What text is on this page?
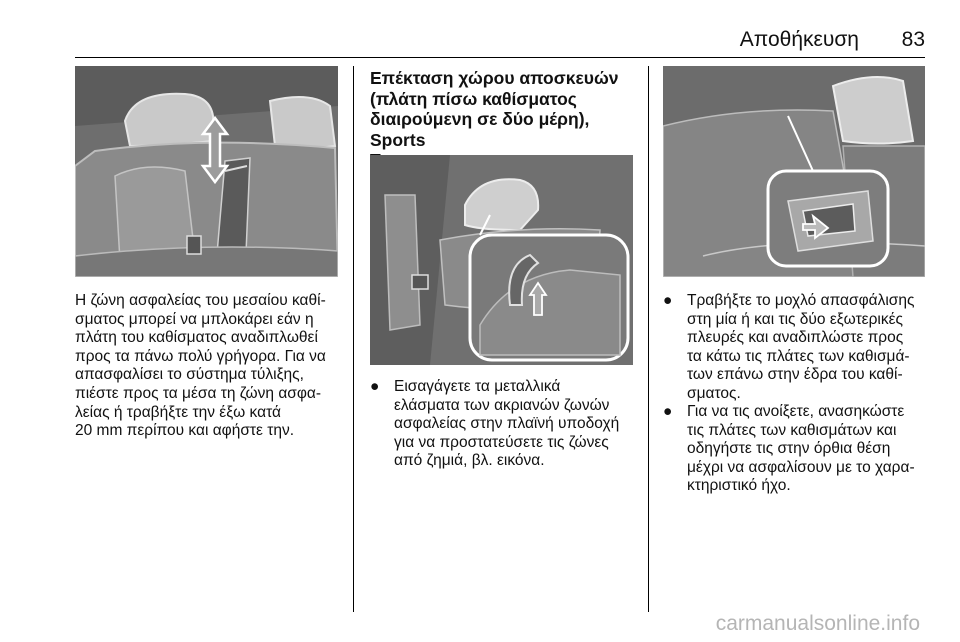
Αποθήκευση 83
Η ζώνη ασφαλείας του μεσαίου καθί‐
σματος μπορεί να μπλοκάρει εάν η
πλάτη του καθίσματος αναδιπλωθεί
προς τα πάνω πολύ γρήγορα. Για να
απασφαλίσει το σύστημα τύλιξης,
πιέστε προς τα μέσα τη ζώνη ασφα‐
λείας ή τραβήξτε την έξω κατά
20 mm περίπου και αφήστε την.
Επέκταση χώρου αποσκευών
(πλάτη πίσω καθίσματος
διαιρούμενη σε δύο μέρη), Sports
● Εισαγάγετε τα μεταλλικά
ελάσματα των ακριανών ζωνών
ασφαλείας στην πλαϊνή υποδοχή
για να προστατεύσετε τις ζώνες
από ζημιά, βλ. εικόνα.
● Τραβήξτε το μοχλό απασφάλισης
στη μία ή και τις δύο εξωτερικές
πλευρές και αναδιπλώστε προς
τα κάτω τις πλάτες των καθισμά‐
των επάνω στην έδρα του καθί‐
σματος.
● Για να τις ανοίξετε, ανασηκώστε
τις πλάτες των καθισμάτων και
οδηγήστε τις στην όρθια θέση
μέχρι να ασφαλίσουν με το χαρα‐
κτηριστικό ήχο.
carmanualsonline.info
